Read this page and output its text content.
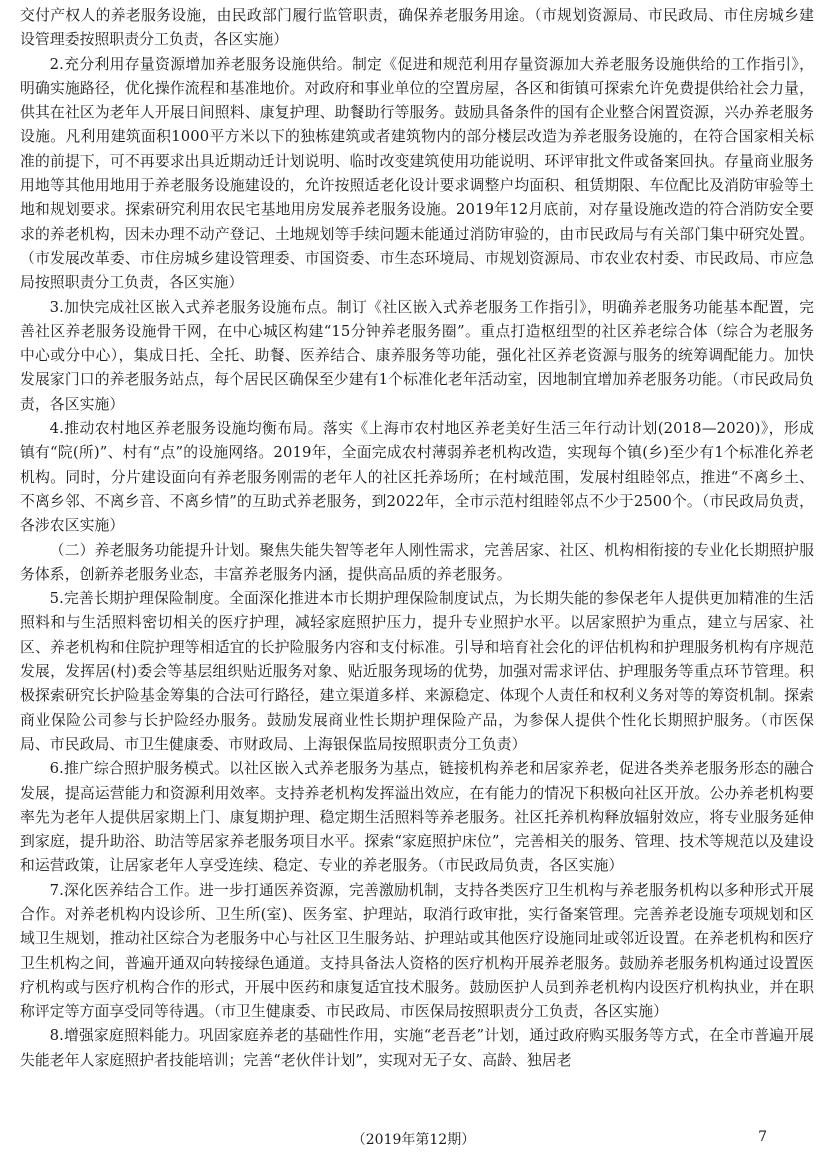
交付产权人的养老服务设施，由民政部门履行监管职责，确保养老服务用途。（市规划资源局、市民政局、市住房城乡建设管理委按照职责分工负责，各区实施）

2.充分利用存量资源增加养老服务设施供给。制定《促进和规范利用存量资源加大养老服务设施供给的工作指引》，明确实施路径，优化操作流程和基准地价。对政府和事业单位的空置房屋，各区和街镇可探索允许免费提供给社会力量，供其在社区为老年人开展日间照料、康复护理、助餐助行等服务。鼓励具备条件的国有企业整合闲置资源，兴办养老服务设施。凡利用建筑面积1000平方米以下的独栋建筑或者建筑物内的部分楼层改造为养老服务设施的，在符合国家相关标准的前提下，可不再要求出具近期动迁计划说明、临时改变建筑使用功能说明、环评审批文件或备案回执。存量商业服务用地等其他用地用于养老服务设施建设的，允许按照适老化设计要求调整户均面积、租赁期限、车位配比及消防审验等土地和规划要求。探索研究利用农民宅基地用房发展养老服务设施。2019年12月底前，对存量设施改造的符合消防安全要求的养老机构，因未办理不动产登记、土地规划等手续问题未能通过消防审验的，由市民政局与有关部门集中研究处置。（市发展改革委、市住房城乡建设管理委、市国资委、市生态环境局、市规划资源局、市农业农村委、市民政局、市应急局按照职责分工负责，各区实施）

3.加快完成社区嵌入式养老服务设施布点。制订《社区嵌入式养老服务工作指引》，明确养老服务功能基本配置，完善社区养老服务设施骨干网，在中心城区构建“15分钟养老服务圈”。重点打造枢纽型的社区养老综合体（综合为老服务中心或分中心），集成日托、全托、助餐、医养结合、康养服务等功能，强化社区养老资源与服务的统筹调配能力。加快发展家门口的养老服务站点，每个居民区确保至少建有1个标准化老年活动室，因地制宜增加养老服务功能。（市民政局负责，各区实施）

4.推动农村地区养老服务设施均衡布局。落实《上海市农村地区养老美好生活三年行动计划(2018—2020)》，形成镇有“院(所)”、村有“点”的设施网络。2019年，全面完成农村薄弱养老机构改造，实现每个镇(乡)至少有1个标准化养老机构。同时，分片建设面向有养老服务刚需的老年人的社区托养场所；在村域范围，发展村组睦邻点，推进“不离乡土、不离乡邻、不离乡音、不离乡情”的互助式养老服务，到2022年，全市示范村组睦邻点不少于2500个。（市民政局负责，各涉农区实施）

（二）养老服务功能提升计划。聚焦失能失智等老年人刚性需求，完善居家、社区、机构相衔接的专业化长期照护服务体系，创新养老服务业态，丰富养老服务内涵，提供高品质的养老服务。

5.完善长期护理保险制度。全面深化推进本市长期护理保险制度试点，为长期失能的参保老年人提供更加精准的生活照料和与生活照料密切相关的医疗护理，减轻家庭照护压力，提升专业照护水平。以居家照护为重点，建立与居家、社区、养老机构和住院护理等相适宜的长护险服务内容和支付标准。引导和培育社会化的评估机构和护理服务机构有序规范发展，发挥居(村)委会等基层组织贴近服务对象、贴近服务现场的优势，加强对需求评估、护理服务等重点环节管理。积极探索研究长护险基金筹集的合法可行路径，建立渠道多样、来源稳定、体现个人责任和权利义务对等的筹资机制。探索商业保险公司参与长护险经办服务。鼓励发展商业性长期护理保险产品，为参保人提供个性化长期照护服务。（市医保局、市民政局、市卫生健康委、市财政局、上海银保监局按照职责分工负责）

6.推广综合照护服务模式。以社区嵌入式养老服务为基点，链接机构养老和居家养老，促进各类养老服务形态的融合发展，提高运营能力和资源利用效率。支持养老机构发挥溢出效应，在有能力的情况下积极向社区开放。公办养老机构要率先为老年人提供居家期上门、康复期护理、稳定期生活照料等养老服务。社区托养机构释放辐射效应，将专业服务延伸到家庭，提升助浴、助洁等居家养老服务项目水平。探索“家庭照护床位”，完善相关的服务、管理、技术等规范以及建设和运营政策，让居家老年人享受连续、稳定、专业的养老服务。（市民政局负责，各区实施）

7.深化医养结合工作。进一步打通医养资源，完善激励机制，支持各类医疗卫生机构与养老服务机构以多种形式开展合作。对养老机构内设诊所、卫生所(室)、医务室、护理站，取消行政审批，实行备案管理。完善养老设施专项规划和区域卫生规划，推动社区综合为老服务中心与社区卫生服务站、护理站或其他医疗设施同址或邻近设置。在养老机构和医疗卫生机构之间，普遍开通双向转接绿色通道。支持具备法人资格的医疗机构开展养老服务。鼓励养老服务机构通过设置医疗机构或与医疗机构合作的形式，开展中医药和康复适宜技术服务。鼓励医护人员到养老机构内设医疗机构执业，并在职称评定等方面享受同等待遇。（市卫生健康委、市民政局、市医保局按照职责分工负责，各区实施）

8.增强家庭照料能力。巩固家庭养老的基础性作用，实施“老吾老”计划，通过政府购买服务等方式，在全市普遍开展失能老年人家庭照护者技能培训；完善“老伙伴计划”，实现对无子女、高龄、独居老

（2019年第12期）	7
